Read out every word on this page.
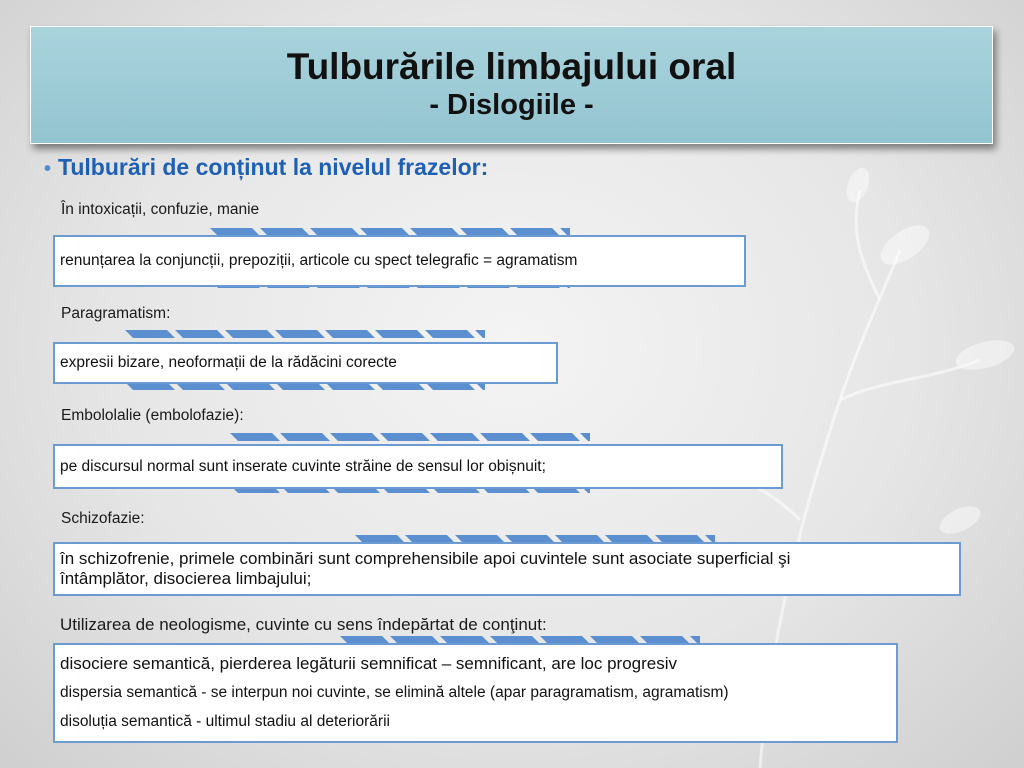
Tulburările limbajului oral
- Dislogiile -
• Tulburări de conținut la nivelul frazelor:
În intoxicații, confuzie, manie
renunțarea la conjuncții, prepoziții, articole cu spect telegrafic = agramatism
Paragramatism:
expresii bizare, neoformații de la rădăcini corecte
Embololalie (embolofazie):
pe discursul normal sunt inserate cuvinte străine de sensul lor obișnuit;
Schizofazie:
în schizofrenie, primele combinări sunt comprehensibile apoi cuvintele sunt asociate superficial şi
întâmplător, disocierea limbajului;
Utilizarea de neologisme, cuvinte cu sens îndepărtat de conţinut:
disociere semantică, pierderea legăturii semnificat – semnificant, are loc progresiv
dispersia semantică - se interpun noi cuvinte, se elimină altele (apar paragramatism, agramatism)
disoluția semantică - ultimul stadiu al deteriorării
